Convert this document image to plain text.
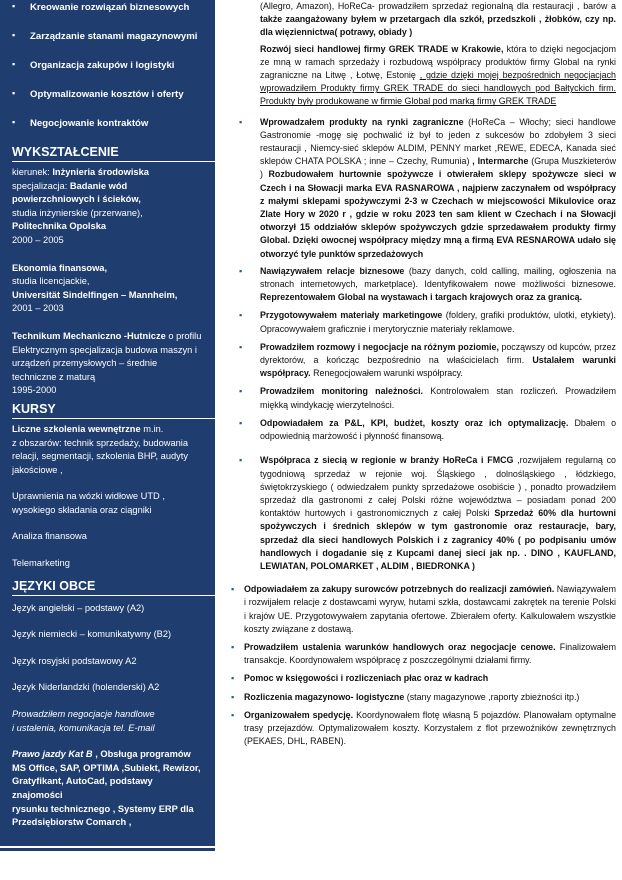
▪ Kreowanie rozwiązań biznesowych

▪ Zarządzanie stanami magazynowymi

▪ Organizacja zakupów i logistyki

▪ Optymalizowanie kosztów i oferty

▪ Negocjowanie kontraktów

WYKSZTAŁCENIE
kierunek: Inżynieria środowiska
specjalizacja: Badanie wód
powierzchniowych i ścieków,
studia inżynierskie (przerwane),
Politechnika Opolska
2000 – 2005
Ekonomia finansowa,
studia licencjackie,
Universität Sindelfingen – Mannheim,
2001 – 2003
Technikum Mechaniczno -Hutnicze o profilu
Elektrycznym specjalizacja budowa maszyn i
urządzeń przemysłowych – średnie
techniczne z maturą
1995-2000
KURSY
Liczne szkolenia wewnętrzne m.in.
z obszarów: technik sprzedaży, budowania
relacji, segmentacji, szkolenia BHP, audyty
jakościowe ,
Uprawnienia na wózki widłowe UTD ,
wysokiego składania oraz ciągniki
Analiza finansowa
Telemarketing
JĘZYKI OBCE
Język angielski – podstawy (A2)
Język niemiecki – komunikatywny (B2)
Język rosyjski podstawowy A2
Język Niderlandzki (holenderski) A2
Prowadziłem negocjacje handlowe
i ustalenia, komunikacja tel. E-mail
Prawo jazdy Kat B , Obsługa programów
MS Office, SAP, OPTIMA ,Subiekt, Rewizor,
Gratyfikant, AutoCad, podstawy znajomości
rysunku technicznego , Systemy ERP dla
Przedsiębiorstw Comarch ,

(Allegro, Amazon), HoReCa- prowadziłem sprzedaż regionalną dla restauracji , barów a także zaangażowany byłem w przetargach dla szkół, przedszkoli , żłobków, czy np. dla więziennictwa( potrawy, obiady )

Rozwój sieci handlowej firmy GREK TRADE w Krakowie, która to dzięki negocjacjom ze mną w ramach sprzedaży i rozbudową współpracy produktów firmy Global na rynki zagraniczne na Litwę , Łotwę, Estonię , gdzie dzięki mojej bezpośrednich negocjacjach wprowadziłem Produkty firmy GREK TRADE do sieci handlowych pod Bałtyckich firm. Produkty były produkowane w firmie Global pod marką firmy GREK TRADE

▪ Wprowadzałem produkty na rynki zagraniczne (HoReCa – Włochy; sieci handlowe Gastronomie -mogę się pochwalić iż był to jeden z sukcesów bo zdobyłem 3 sieci restauracji , Niemcy-sieć sklepów ALDIM, PENNY market ,REWE, EDECA, Kanada sieć sklepów CHATA POLSKA ; inne – Czechy, Rumunia) , Intermarche (Grupa Muszkieterów ) Rozbudowałem hurtownie spożywcze i otwierałem sklepy spożywcze sieci w Czech i na Słowacji marka EVA RASNAROWA , najpierw zaczynałem od współpracy z małymi sklepami spożywczymi 2-3 w Czechach w miejscowości Mikulovice oraz Zlate Hory w 2020 r , gdzie w roku 2023 ten sam klient w Czechach i na Słowacji otworzył 15 oddziałów sklepów spożywczych gdzie sprzedawałem produkty firmy Global. Dzięki owocnej współpracy między mną a firmą EVA RESNAROWA udało się otworzyć tyle punktów sprzedażowych

▪ Nawiązywałem relacje biznesowe (bazy danych, cold calling, mailing, ogłoszenia na stronach internetowych, marketplace). Identyfikowałem nowe możliwości biznesowe. Reprezentowałem Global na wystawach i targach krajowych oraz za granicą.

▪ Przygotowywałem materiały marketingowe (foldery, grafiki produktów, ulotki, etykiety). Opracowywałem graficznie i merytorycznie materiały reklamowe.

▪ Prowadziłem rozmowy i negocjacje na różnym poziomie, począwszy od kupców, przez dyrektorów, a kończąc bezpośrednio na właścicielach firm. Ustalałem warunki współpracy. Renegocjowałem warunki współpracy.

▪ Prowadziłem monitoring należności. Kontrolowałem stan rozliczeń. Prowadziłem miękką windykację wierzytelności.

▪ Odpowiadałem za P&L, KPI, budżet, koszty oraz ich optymalizację. Dbałem o odpowiednią marżowość i płynność finansową.

▪ Współpraca z siecią w regionie w branży HoReCa i FMCG ,rozwijałem regularną co tygodniową sprzedaż w rejonie woj. Śląskiego , dolnośląskiego , łódzkiego, świętokrzyskiego ( odwiedzałem punkty sprzedażowe osobiście ) , ponadto prowadziłem sprzedaż dla gastronomi z całej Polski różne województwa – posiadam ponad 200 kontaktów hurtowych i gastronomicznych z całej Polski Sprzedaż 60% dla hurtowni spożywczych i średnich sklepów w tym gastronomie oraz restauracje, bary, sprzedaż dla sieci handlowych Polskich i z zagranicy 40% ( po podpisaniu umów handlowych i dogadanie się z Kupcami danej sieci jak np. . DINO , KAUFLAND, LEWIATAN, POLOMARKET , ALDIM , BIEDRONKA )

▪ Odpowiadałem za zakupy surowców potrzebnych do realizacji zamówień. Nawiązywałem i rozwijałem relacje z dostawcami wyryw, hutami szkła, dostawcami zakrętek na terenie Polski i krajów UE. Przygotowywałem zapytania ofertowe. Zbierałem oferty. Kalkulowałem wszystkie koszty związane z dostawą.

▪ Prowadziłem ustalenia warunków handlowych oraz negocjacje cenowe. Finalizowałem transakcje. Koordynowałem współpracę z poszczególnymi działami firmy.

▪ Pomoc w księgowości i rozliczeniach płac oraz w kadrach

▪ Rozliczenia magazynowo- logistyczne (stany magazynowe ,raporty zbieżności itp.)

▪ Organizowałem spedycję. Koordynowałem flotę własną 5 pojazdów. Planowałam optymalne trasy przejazdów. Optymalizowałem koszty. Korzystałem z flot przewoźników zewnętrznych (PEKAES, DHL, RABEN).
